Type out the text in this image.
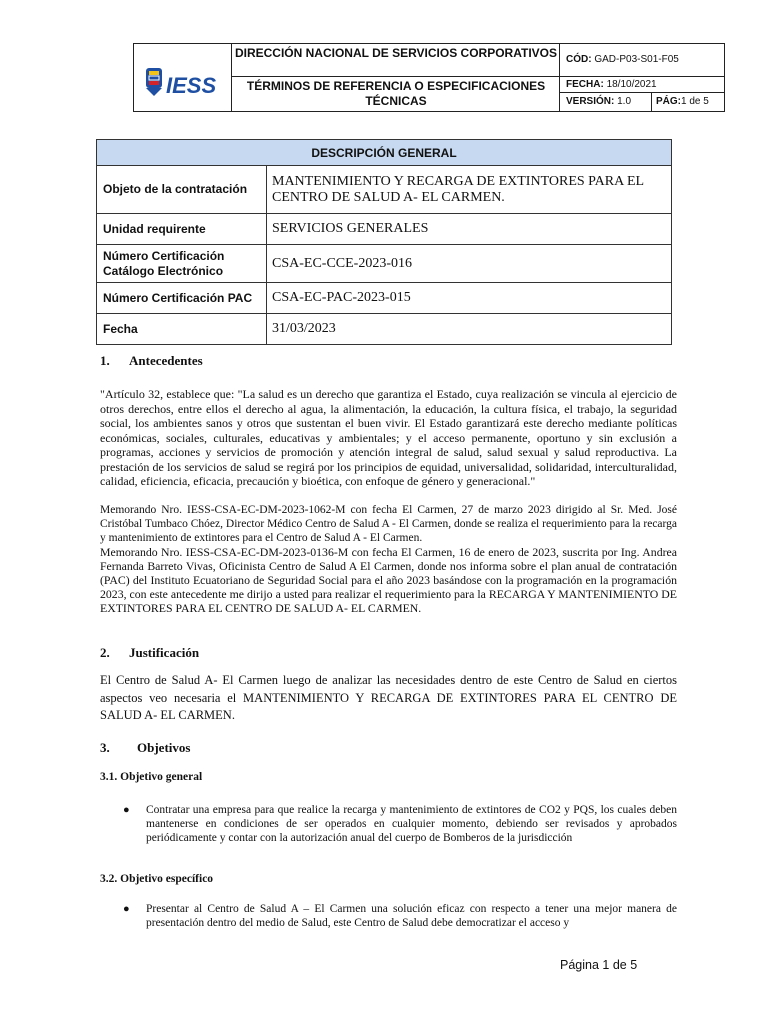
IESS
DIRECCIÓN NACIONAL DE SERVICIOS CORPORATIVOS
TÉRMINOS DE REFERENCIA O ESPECIFICACIONES TÉCNICAS
CÓD: GAD-P03-S01-F05
FECHA: 18/10/2021
VERSIÓN: 1.0	PÁG:1 de 5
DESCRIPCIÓN GENERAL	
Objeto de la contratación	MANTENIMIENTO Y RECARGA DE EXTINTORES PARA EL CENTRO DE SALUD A- EL CARMEN.
Unidad requirente	SERVICIOS GENERALES

Número Certificación Catálogo Electrónico	CSA-EC-CCE-2023-016
Número Certificación PAC	CSA-EC-PAC-2023-015
Fecha	31/03/2023
1. Antecedentes
"Artículo 32, establece que: "La salud es un derecho que garantiza el Estado, cuya realización se vincula al ejercicio de otros derechos, entre ellos el derecho al agua, la alimentación, la educación, la cultura física, el trabajo, la seguridad social, los ambientes sanos y otros que sustentan el buen vivir. El Estado garantizará este derecho mediante políticas económicas, sociales, culturales, educativas y ambientales; y el acceso permanente, oportuno y sin exclusión a programas, acciones y servicios de promoción y atención integral de salud, salud sexual y salud reproductiva. La prestación de los servicios de salud se regirá por los principios de equidad, universalidad, solidaridad, interculturalidad, calidad, eficiencia, eficacia, precaución y bioética, con enfoque de género y generacional."
Memorando Nro. IESS-CSA-EC-DM-2023-1062-M con fecha El Carmen, 27 de marzo 2023 dirigido al Sr. Med. José Cristóbal Tumbaco Chóez, Director Médico Centro de Salud A - El Carmen, donde se realiza el requerimiento para la recarga y mantenimiento de extintores para el Centro de Salud A - El Carmen.
Memorando Nro. IESS-CSA-EC-DM-2023-0136-M con fecha El Carmen, 16 de enero de 2023, suscrita por Ing. Andrea Fernanda Barreto Vivas, Oficinista Centro de Salud A El Carmen, donde nos informa sobre el plan anual de contratación (PAC) del Instituto Ecuatoriano de Seguridad Social para el año 2023 basándose con la programación en la programación 2023, con este antecedente me dirijo a usted para realizar el requerimiento para la RECARGA Y MANTENIMIENTO DE EXTINTORES PARA EL CENTRO DE SALUD A- EL CARMEN.
2. Justificación
El Centro de Salud A- El Carmen luego de analizar las necesidades dentro de este Centro de Salud en ciertos aspectos veo necesaria el MANTENIMIENTO Y RECARGA DE EXTINTORES PARA EL CENTRO DE SALUD A- EL CARMEN.
3. Objetivos
3.1. Objetivo general
● Contratar una empresa para que realice la recarga y mantenimiento de extintores de CO2 y PQS, los cuales deben mantenerse en condiciones de ser operados en cualquier momento, debiendo ser revisados y aprobados periódicamente y contar con la autorización anual del cuerpo de Bomberos de la jurisdicción
3.2. Objetivo específico
● Presentar al Centro de Salud A – El Carmen una solución eficaz con respecto a tener una mejor manera de presentación dentro del medio de Salud, este Centro de Salud debe democratizar el acceso y
Página 1 de 5
